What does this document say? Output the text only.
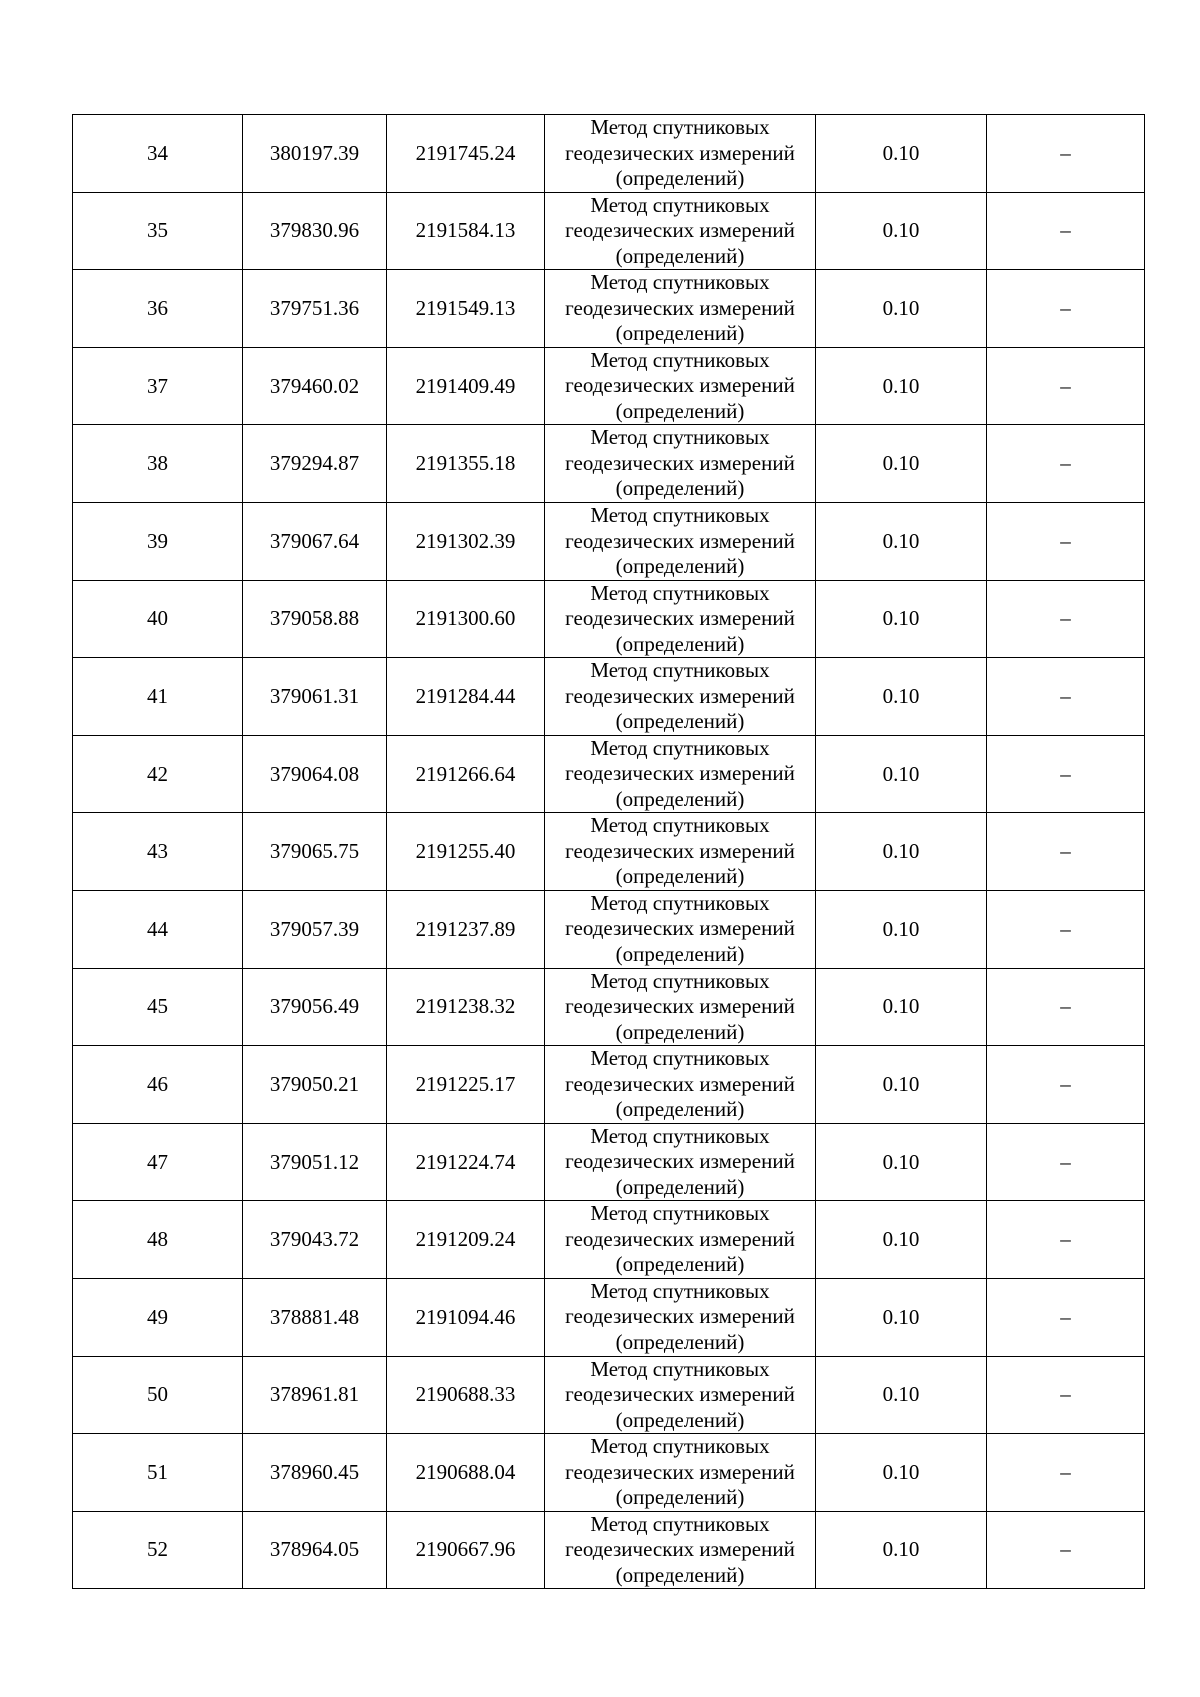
34	380197.39	2191745.24	Метод спутниковых
геодезических измерений
(определений)	0.10	–
35	379830.96	2191584.13	Метод спутниковых
геодезических измерений
(определений)	0.10	–
36	379751.36	2191549.13	Метод спутниковых
геодезических измерений
(определений)	0.10	–
37	379460.02	2191409.49	Метод спутниковых
геодезических измерений
(определений)	0.10	–
38	379294.87	2191355.18	Метод спутниковых
геодезических измерений
(определений)	0.10	–
39	379067.64	2191302.39	Метод спутниковых
геодезических измерений
(определений)	0.10	–
40	379058.88	2191300.60	Метод спутниковых
геодезических измерений
(определений)	0.10	–
41	379061.31	2191284.44	Метод спутниковых
геодезических измерений
(определений)	0.10	–
42	379064.08	2191266.64	Метод спутниковых
геодезических измерений
(определений)	0.10	–
43	379065.75	2191255.40	Метод спутниковых
геодезических измерений
(определений)	0.10	–
44	379057.39	2191237.89	Метод спутниковых
геодезических измерений
(определений)	0.10	–
45	379056.49	2191238.32	Метод спутниковых
геодезических измерений
(определений)	0.10	–
46	379050.21	2191225.17	Метод спутниковых
геодезических измерений
(определений)	0.10	–
47	379051.12	2191224.74	Метод спутниковых
геодезических измерений
(определений)	0.10	–
48	379043.72	2191209.24	Метод спутниковых
геодезических измерений
(определений)	0.10	–
49	378881.48	2191094.46	Метод спутниковых
геодезических измерений
(определений)	0.10	–
50	378961.81	2190688.33	Метод спутниковых
геодезических измерений
(определений)	0.10	–
51	378960.45	2190688.04	Метод спутниковых
геодезических измерений
(определений)	0.10	–
52	378964.05	2190667.96	Метод спутниковых
геодезических измерений
(определений)	0.10	–
